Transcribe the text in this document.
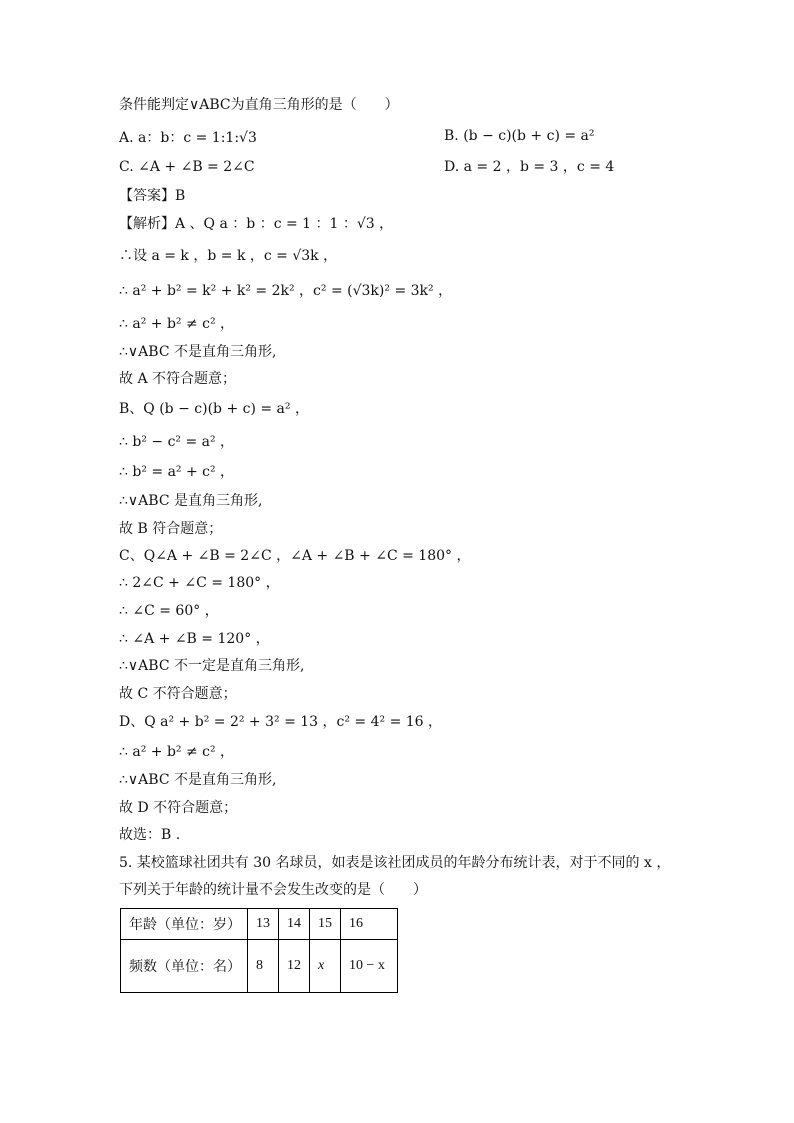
条件能判定∨ABC为直角三角形的是（　　）
A. a：b：c = 1:1:√3	B. (b − c)(b + c) = a²
C. ∠A + ∠B = 2∠C	D. a = 2 ，b = 3 ，c = 4
【答案】B
【解析】A 、Q a ：b ：c = 1 ：1 ：√3 ，
∴设 a = k ，b = k ，c = √3k ，
∴ a² + b² = k² + k² = 2k² ，c² = (√3k)² = 3k² ，
∴ a² + b² ≠ c² ，
∴∨ABC 不是直角三角形,
故 A 不符合题意；
B、Q (b − c)(b + c) = a² ，
∴ b² − c² = a² ，
∴ b² = a² + c² ，
∴∨ABC 是直角三角形,
故 B 符合题意；
C、Q∠A + ∠B = 2∠C ，∠A + ∠B + ∠C = 180° ，
∴ 2∠C + ∠C = 180° ，
∴ ∠C = 60° ，
∴ ∠A + ∠B = 120° ，
∴∨ABC 不一定是直角三角形,
故 C 不符合题意；
D、Q a² + b² = 2² + 3² = 13 ，c² = 4² = 16 ，
∴ a² + b² ≠ c² ，
∴∨ABC 不是直角三角形,
故 D 不符合题意；
故选：B .
5. 某校篮球社团共有 30 名球员，如表是该社团成员的年龄分布统计表，对于不同的 x ，
下列关于年龄的统计量不会发生改变的是（　　）
年龄（单位：岁）	13	14	15	16
频数（单位：名）	8	12	x	10 − x
